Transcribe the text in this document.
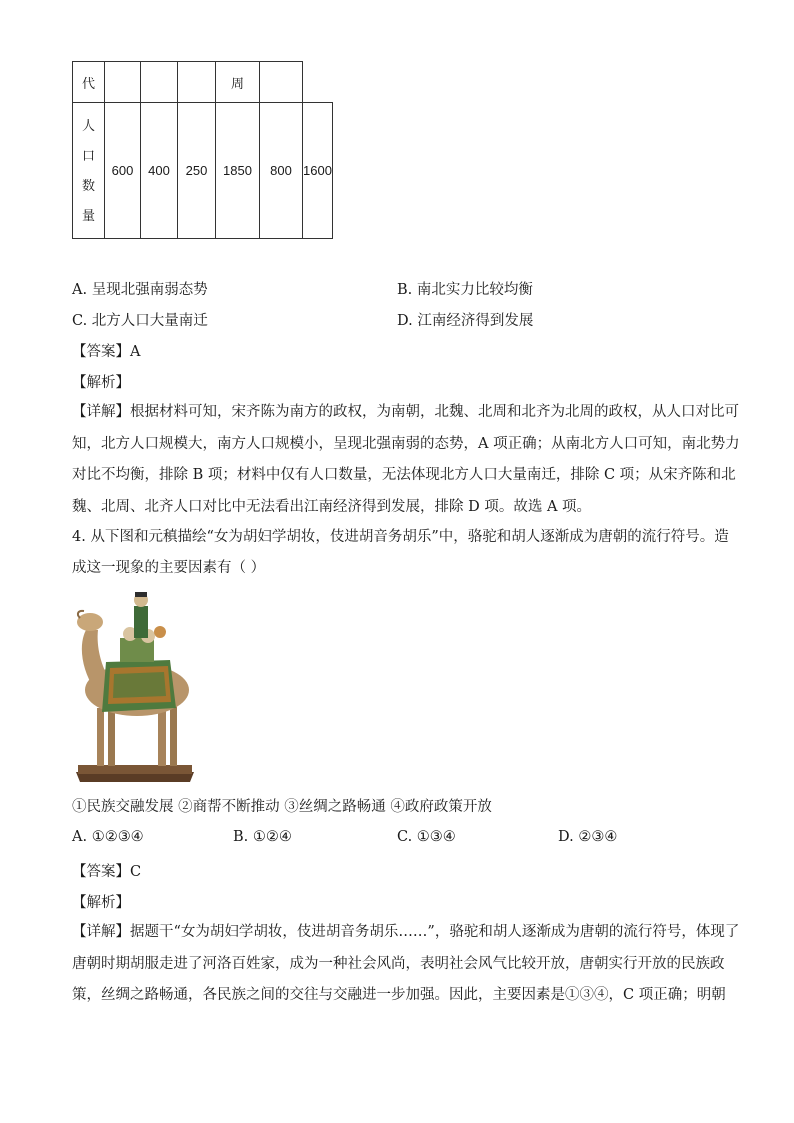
代				周		

人
口
数
量	600	400	250	1850	800	1600
A. 呈现北强南弱态势	B. 南北实力比较均衡
C. 北方人口大量南迁	D. 江南经济得到发展
【答案】A
【解析】
【详解】根据材料可知，宋齐陈为南方的政权，为南朝，北魏、北周和北齐为北周的政权，从人口对比可
知，北方人口规模大，南方人口规模小，呈现北强南弱的态势，A 项正确；从南北方人口可知，南北势力
对比不均衡，排除 B 项；材料中仅有人口数量，无法体现北方人口大量南迁，排除 C 项；从宋齐陈和北
魏、北周、北齐人口对比中无法看出江南经济得到发展，排除 D 项。故选 A 项。
4. 从下图和元稹描绘“女为胡妇学胡妆，伎进胡音务胡乐”中，骆驼和胡人逐渐成为唐朝的流行符号。造
成这一现象的主要因素有（ ）
①民族交融发展 ②商帮不断推动 ③丝绸之路畅通 ④政府政策开放
A. ①②③④	B. ①②④	C. ①③④	D. ②③④
【答案】C
【解析】
【详解】据题干“女为胡妇学胡妆，伎进胡音务胡乐……”，骆驼和胡人逐渐成为唐朝的流行符号，体现了
唐朝时期胡服走进了河洛百姓家，成为一种社会风尚，表明社会风气比较开放，唐朝实行开放的民族政
策，丝绸之路畅通，各民族之间的交往与交融进一步加强。因此，主要因素是①③④，C 项正确；明朝
